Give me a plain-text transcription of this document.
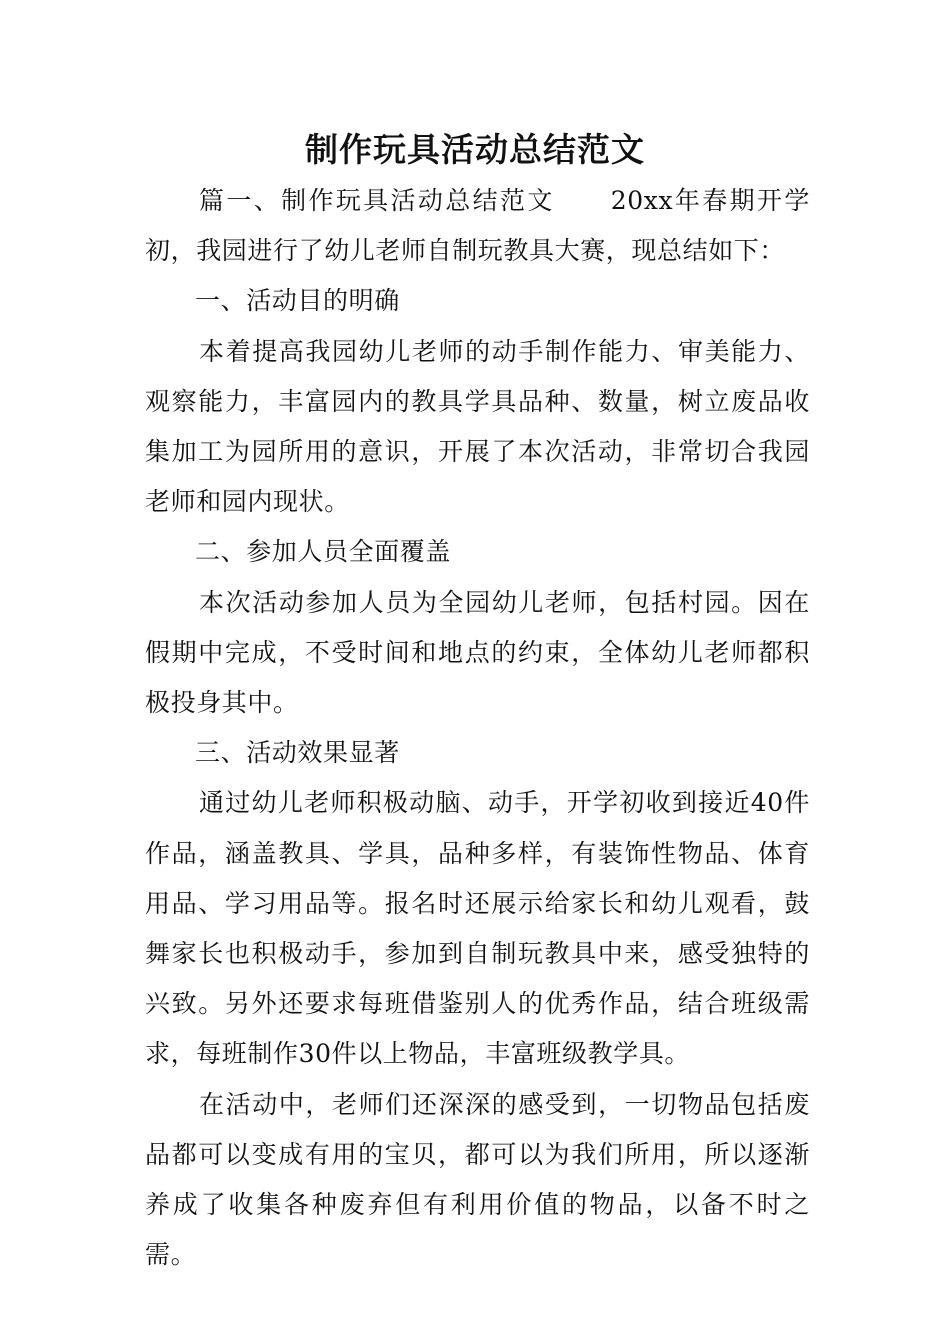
制作玩具活动总结范文

篇一、制作玩具活动总结范文 20xx年春期开学初，我园进行了幼儿老师自制玩教具大赛，现总结如下：

一、活动目的明确

本着提高我园幼儿老师的动手制作能力、审美能力、观察能力，丰富园内的教具学具品种、数量，树立废品收集加工为园所用的意识，开展了本次活动，非常切合我园老师和园内现状。

二、参加人员全面覆盖

本次活动参加人员为全园幼儿老师，包括村园。因在假期中完成，不受时间和地点的约束，全体幼儿老师都积极投身其中。

三、活动效果显著

通过幼儿老师积极动脑、动手，开学初收到接近40件作品，涵盖教具、学具，品种多样，有装饰性物品、体育用品、学习用品等。报名时还展示给家长和幼儿观看，鼓舞家长也积极动手，参加到自制玩教具中来，感受独特的兴致。另外还要求每班借鉴别人的优秀作品，结合班级需求，每班制作30件以上物品，丰富班级教学具。

在活动中，老师们还深深的感受到，一切物品包括废品都可以变成有用的宝贝，都可以为我们所用，所以逐渐养成了收集各种废弃但有利用价值的物品，以备不时之需。
